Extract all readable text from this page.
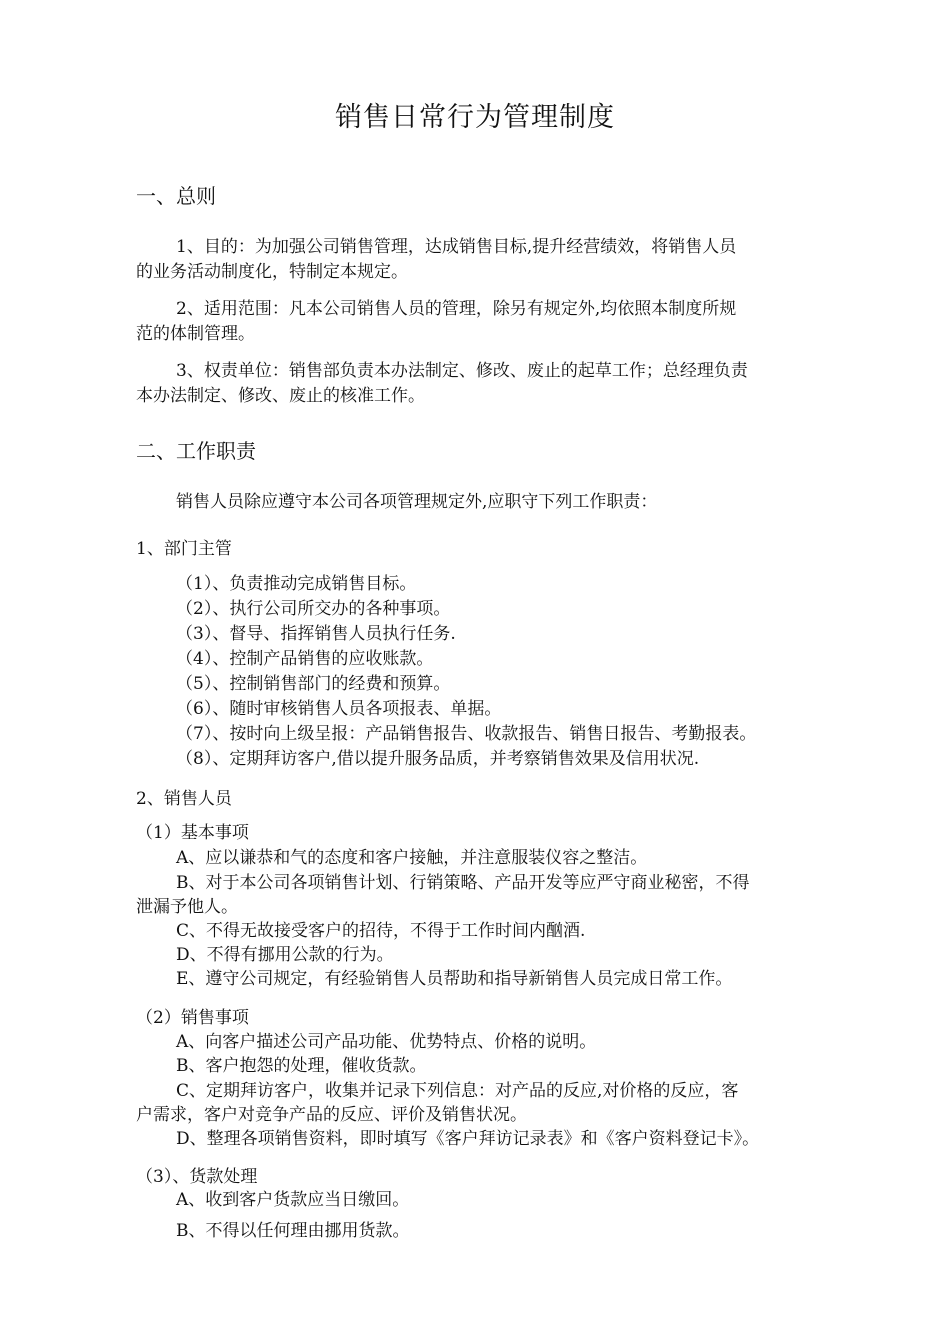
销售日常行为管理制度
一、总则
1、目的：为加强公司销售管理，达成销售目标,提升经营绩效，将销售人员
的业务活动制度化，特制定本规定。
2、适用范围：凡本公司销售人员的管理，除另有规定外,均依照本制度所规
范的体制管理。
3、权责单位：销售部负责本办法制定、修改、废止的起草工作；总经理负责
本办法制定、修改、废止的核准工作。
二、工作职责
销售人员除应遵守本公司各项管理规定外,应职守下列工作职责：
1、部门主管
（1）、负责推动完成销售目标。
（2）、执行公司所交办的各种事项。
（3）、督导、指挥销售人员执行任务.
（4）、控制产品销售的应收账款。
（5）、控制销售部门的经费和预算。
（6）、随时审核销售人员各项报表、单据。
（7）、按时向上级呈报：产品销售报告、收款报告、销售日报告、考勤报表。
（8）、定期拜访客户,借以提升服务品质，并考察销售效果及信用状况.
2、销售人员
（1）基本事项
A、应以谦恭和气的态度和客户接触，并注意服装仪容之整洁。
B、对于本公司各项销售计划、行销策略、产品开发等应严守商业秘密，不得
泄漏予他人。
C、不得无故接受客户的招待，不得于工作时间内酗酒.
D、不得有挪用公款的行为。
E、遵守公司规定，有经验销售人员帮助和指导新销售人员完成日常工作。
（2）销售事项
A、向客户描述公司产品功能、优势特点、价格的说明。
B、客户抱怨的处理，催收货款。
C、定期拜访客户，收集并记录下列信息：对产品的反应,对价格的反应，客
户需求，客户对竞争产品的反应、评价及销售状况。
D、整理各项销售资料，即时填写《客户拜访记录表》和《客户资料登记卡》。
（3）、货款处理
A、收到客户货款应当日缴回。
B、不得以任何理由挪用货款。
